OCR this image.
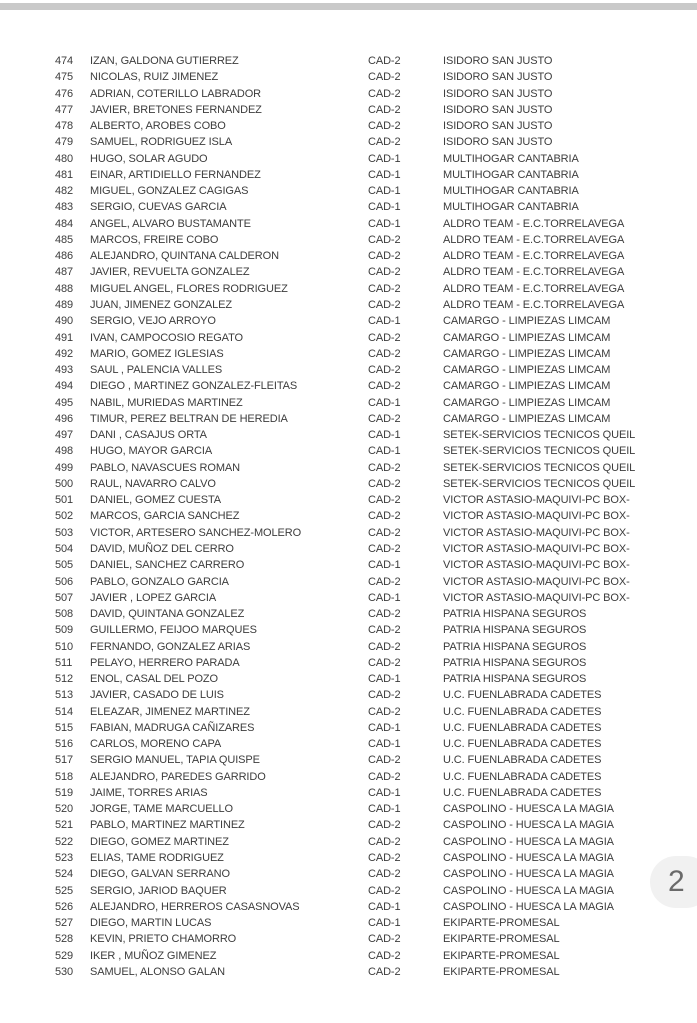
474 IZAN, GALDONA GUTIERREZ	CAD-2	ISIDORO SAN JUSTO
475 NICOLAS, RUIZ JIMENEZ	CAD-2	ISIDORO SAN JUSTO
476 ADRIAN, COTERILLO LABRADOR	CAD-2	ISIDORO SAN JUSTO
477 JAVIER, BRETONES FERNANDEZ	CAD-2	ISIDORO SAN JUSTO
478 ALBERTO, AROBES COBO	CAD-2	ISIDORO SAN JUSTO
479 SAMUEL, RODRIGUEZ ISLA	CAD-2	ISIDORO SAN JUSTO
480 HUGO, SOLAR AGUDO	CAD-1	MULTIHOGAR CANTABRIA
481 EINAR, ARTIDIELLO FERNANDEZ	CAD-1	MULTIHOGAR CANTABRIA
482 MIGUEL, GONZALEZ CAGIGAS	CAD-1	MULTIHOGAR CANTABRIA
483 SERGIO, CUEVAS GARCIA	CAD-1	MULTIHOGAR CANTABRIA
484 ANGEL, ALVARO BUSTAMANTE	CAD-1	ALDRO TEAM - E.C.TORRELAVEGA
485 MARCOS, FREIRE COBO	CAD-2	ALDRO TEAM - E.C.TORRELAVEGA
486 ALEJANDRO, QUINTANA CALDERON	CAD-2	ALDRO TEAM - E.C.TORRELAVEGA
487 JAVIER, REVUELTA GONZALEZ	CAD-2	ALDRO TEAM - E.C.TORRELAVEGA
488 MIGUEL ANGEL, FLORES RODRIGUEZ	CAD-2	ALDRO TEAM - E.C.TORRELAVEGA
489 JUAN, JIMENEZ GONZALEZ	CAD-2	ALDRO TEAM - E.C.TORRELAVEGA
490 SERGIO, VEJO ARROYO	CAD-1	CAMARGO - LIMPIEZAS LIMCAM
491 IVAN, CAMPOCOSIO REGATO	CAD-2	CAMARGO - LIMPIEZAS LIMCAM
492 MARIO, GOMEZ IGLESIAS	CAD-2	CAMARGO - LIMPIEZAS LIMCAM
493 SAUL , PALENCIA VALLES	CAD-2	CAMARGO - LIMPIEZAS LIMCAM
494 DIEGO , MARTINEZ GONZALEZ-FLEITAS	CAD-2	CAMARGO - LIMPIEZAS LIMCAM
495 NABIL, MURIEDAS MARTINEZ	CAD-1	CAMARGO - LIMPIEZAS LIMCAM
496 TIMUR, PEREZ BELTRAN DE HEREDIA	CAD-2	CAMARGO - LIMPIEZAS LIMCAM
497 DANI , CASAJUS ORTA	CAD-1	SETEK-SERVICIOS TECNICOS QUEIL
498 HUGO, MAYOR GARCIA	CAD-1	SETEK-SERVICIOS TECNICOS QUEIL
499 PABLO, NAVASCUES ROMAN	CAD-2	SETEK-SERVICIOS TECNICOS QUEIL
500 RAUL, NAVARRO CALVO	CAD-2	SETEK-SERVICIOS TECNICOS QUEIL
501 DANIEL, GOMEZ CUESTA	CAD-2	VICTOR ASTASIO-MAQUIVI-PC BOX-
502 MARCOS, GARCIA SANCHEZ	CAD-2	VICTOR ASTASIO-MAQUIVI-PC BOX-
503 VICTOR, ARTESERO SANCHEZ-MOLERO	CAD-2	VICTOR ASTASIO-MAQUIVI-PC BOX-
504 DAVID, MUÑOZ DEL CERRO	CAD-2	VICTOR ASTASIO-MAQUIVI-PC BOX-
505 DANIEL, SANCHEZ CARRERO	CAD-1	VICTOR ASTASIO-MAQUIVI-PC BOX-
506 PABLO, GONZALO GARCIA	CAD-2	VICTOR ASTASIO-MAQUIVI-PC BOX-
507 JAVIER , LOPEZ GARCIA	CAD-1	VICTOR ASTASIO-MAQUIVI-PC BOX-
508 DAVID, QUINTANA GONZALEZ	CAD-2	PATRIA HISPANA SEGUROS
509 GUILLERMO, FEIJOO MARQUES	CAD-2	PATRIA HISPANA SEGUROS
510 FERNANDO, GONZALEZ ARIAS	CAD-2	PATRIA HISPANA SEGUROS
511 PELAYO, HERRERO PARADA	CAD-2	PATRIA HISPANA SEGUROS
512 ENOL, CASAL DEL POZO	CAD-1	PATRIA HISPANA SEGUROS
513 JAVIER, CASADO DE LUIS	CAD-2	U.C. FUENLABRADA CADETES
514 ELEAZAR, JIMENEZ MARTINEZ	CAD-2	U.C. FUENLABRADA CADETES
515 FABIAN, MADRUGA CAÑIZARES	CAD-1	U.C. FUENLABRADA CADETES
516 CARLOS, MORENO CAPA	CAD-1	U.C. FUENLABRADA CADETES
517 SERGIO MANUEL, TAPIA QUISPE	CAD-2	U.C. FUENLABRADA CADETES
518 ALEJANDRO, PAREDES GARRIDO	CAD-2	U.C. FUENLABRADA CADETES
519 JAIME, TORRES ARIAS	CAD-1	U.C. FUENLABRADA CADETES
520 JORGE, TAME MARCUELLO	CAD-1	CASPOLINO - HUESCA LA MAGIA
521 PABLO, MARTINEZ MARTINEZ	CAD-2	CASPOLINO - HUESCA LA MAGIA
522 DIEGO, GOMEZ MARTINEZ	CAD-2	CASPOLINO - HUESCA LA MAGIA
523 ELIAS, TAME RODRIGUEZ	CAD-2	CASPOLINO - HUESCA LA MAGIA
524 DIEGO, GALVAN SERRANO	CAD-2	CASPOLINO - HUESCA LA MAGIA
525 SERGIO, JARIOD BAQUER	CAD-2	CASPOLINO - HUESCA LA MAGIA
526 ALEJANDRO, HERREROS CASASNOVAS	CAD-1	CASPOLINO - HUESCA LA MAGIA
527 DIEGO, MARTIN LUCAS	CAD-1	EKIPARTE-PROMESAL
528 KEVIN, PRIETO CHAMORRO	CAD-2	EKIPARTE-PROMESAL
529 IKER , MUÑOZ GIMENEZ	CAD-2	EKIPARTE-PROMESAL
530 SAMUEL, ALONSO GALAN	CAD-2	EKIPARTE-PROMESAL
2
